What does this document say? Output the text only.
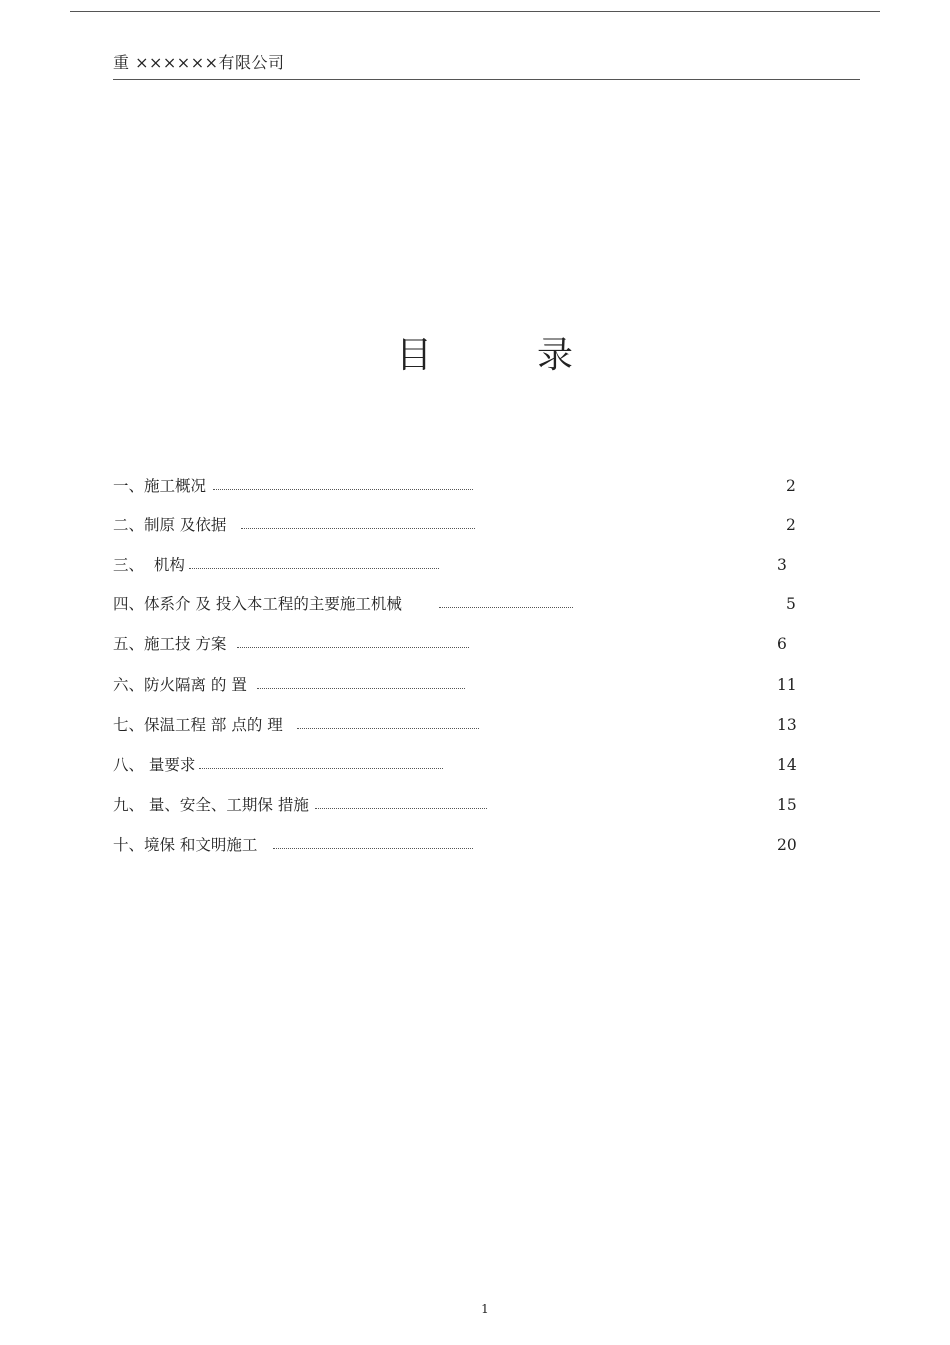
重 ××××××有限公司
目	录
一、施工概况	2
二、制原 及依据	2
三、  机构	3
四、体系介 及 投入本工程的主要施工机械	5
五、施工技 方案	6
六、防火隔离 的 置	11
七、保温工程 部 点的 理	13
八、 量要求	14
九、 量、安全、工期保 措施	15
十、境保 和文明施工	20
1
